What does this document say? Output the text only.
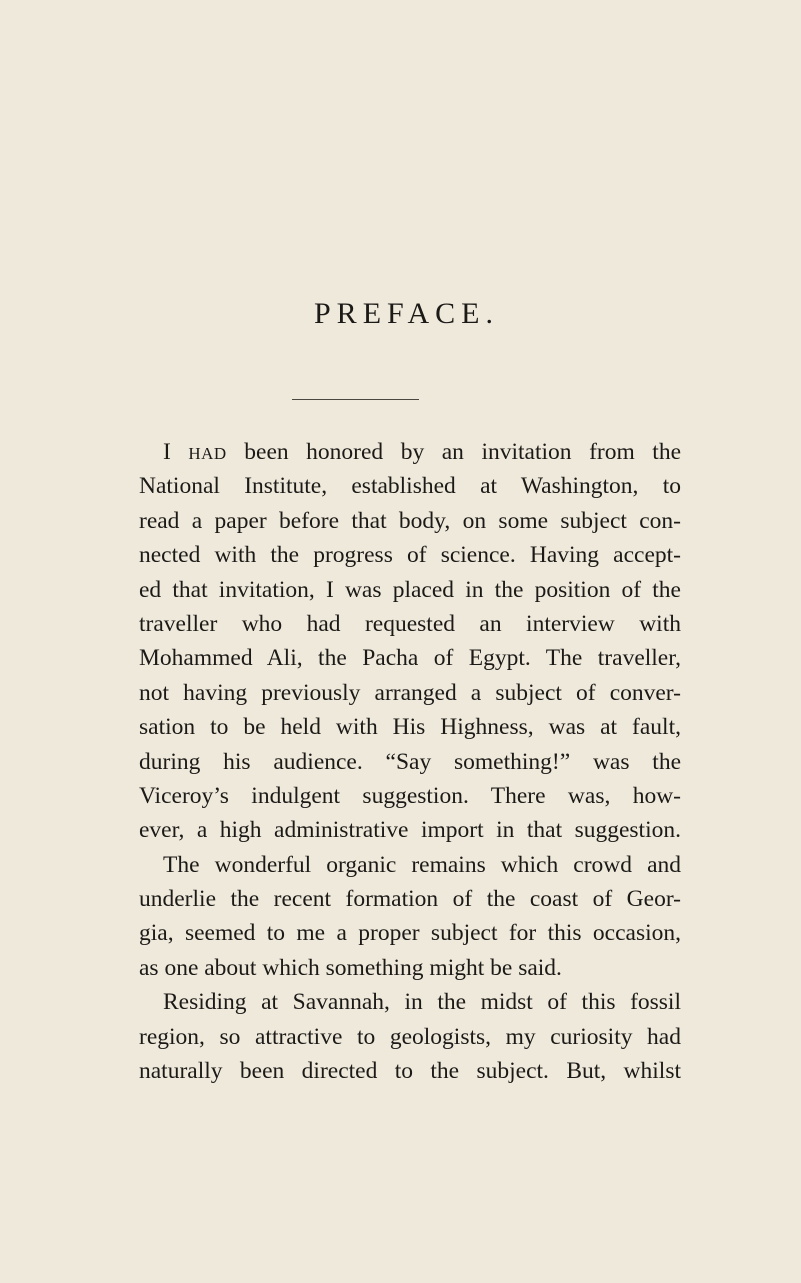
PREFACE.
I HAD been honored by an invitation from the
National Institute, established at Washington, to
read a paper before that body, on some subject con-
nected with the progress of science. Having accept-
ed that invitation, I was placed in the position of the
traveller who had requested an interview with
Mohammed Ali, the Pacha of Egypt. The traveller,
not having previously arranged a subject of conver-
sation to be held with His Highness, was at fault,
during his audience. “Say something!” was the
Viceroy’s indulgent suggestion. There was, how-
ever, a high administrative import in that suggestion.
The wonderful organic remains which crowd and
underlie the recent formation of the coast of Geor-
gia, seemed to me a proper subject for this occasion,
as one about which something might be said.
Residing at Savannah, in the midst of this fossil
region, so attractive to geologists, my curiosity had
naturally been directed to the subject. But, whilst
